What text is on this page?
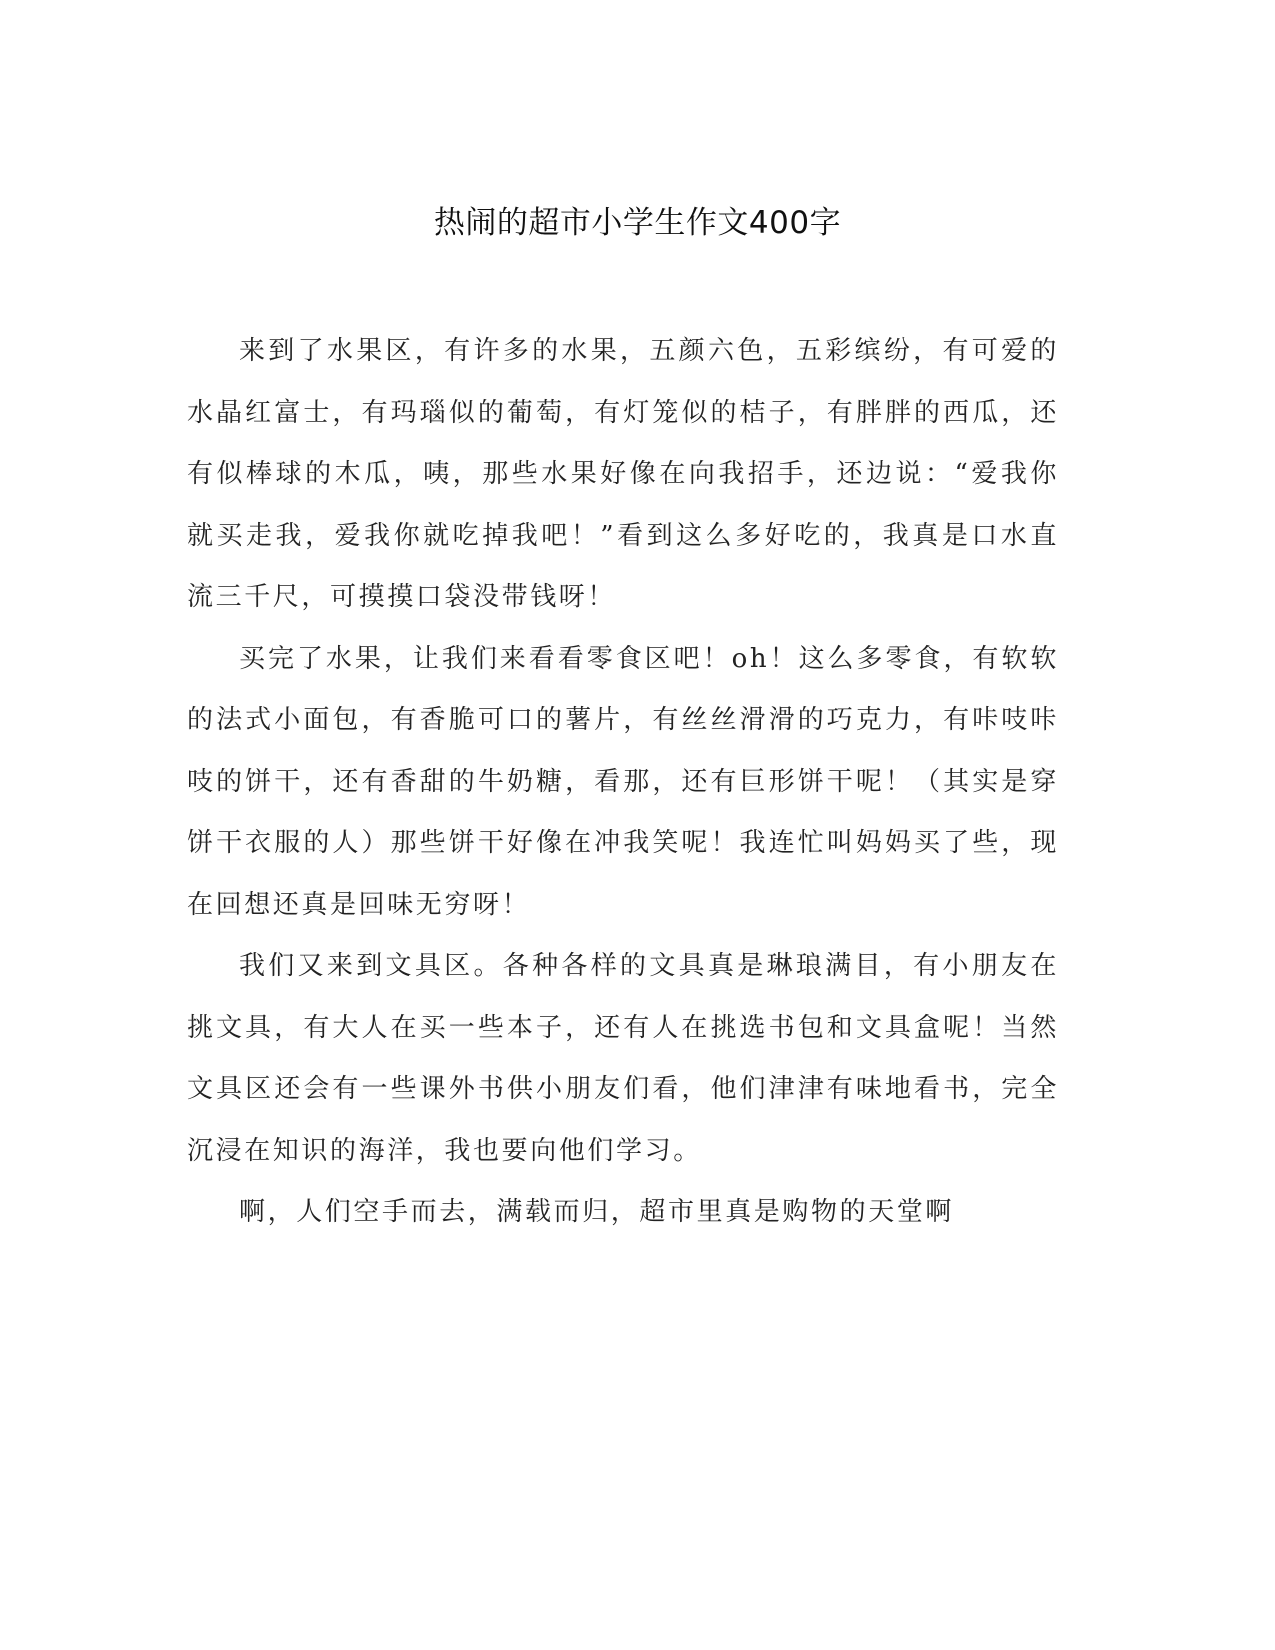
热闹的超市小学生作文400字

来到了水果区，有许多的水果，五颜六色，五彩缤纷，有可爱的水晶红富士，有玛瑙似的葡萄，有灯笼似的桔子，有胖胖的西瓜，还有似棒球的木瓜，咦，那些水果好像在向我招手，还边说：“爱我你就买走我，爱我你就吃掉我吧！”看到这么多好吃的，我真是口水直流三千尺，可摸摸口袋没带钱呀！

买完了水果，让我们来看看零食区吧！oh！这么多零食，有软软的法式小面包，有香脆可口的薯片，有丝丝滑滑的巧克力，有咔吱咔吱的饼干，还有香甜的牛奶糖，看那，还有巨形饼干呢！（其实是穿饼干衣服的人）那些饼干好像在冲我笑呢！我连忙叫妈妈买了些，现在回想还真是回味无穷呀！

我们又来到文具区。各种各样的文具真是琳琅满目，有小朋友在挑文具，有大人在买一些本子，还有人在挑选书包和文具盒呢！当然文具区还会有一些课外书供小朋友们看，他们津津有味地看书，完全沉浸在知识的海洋，我也要向他们学习。

啊，人们空手而去，满载而归，超市里真是购物的天堂啊
